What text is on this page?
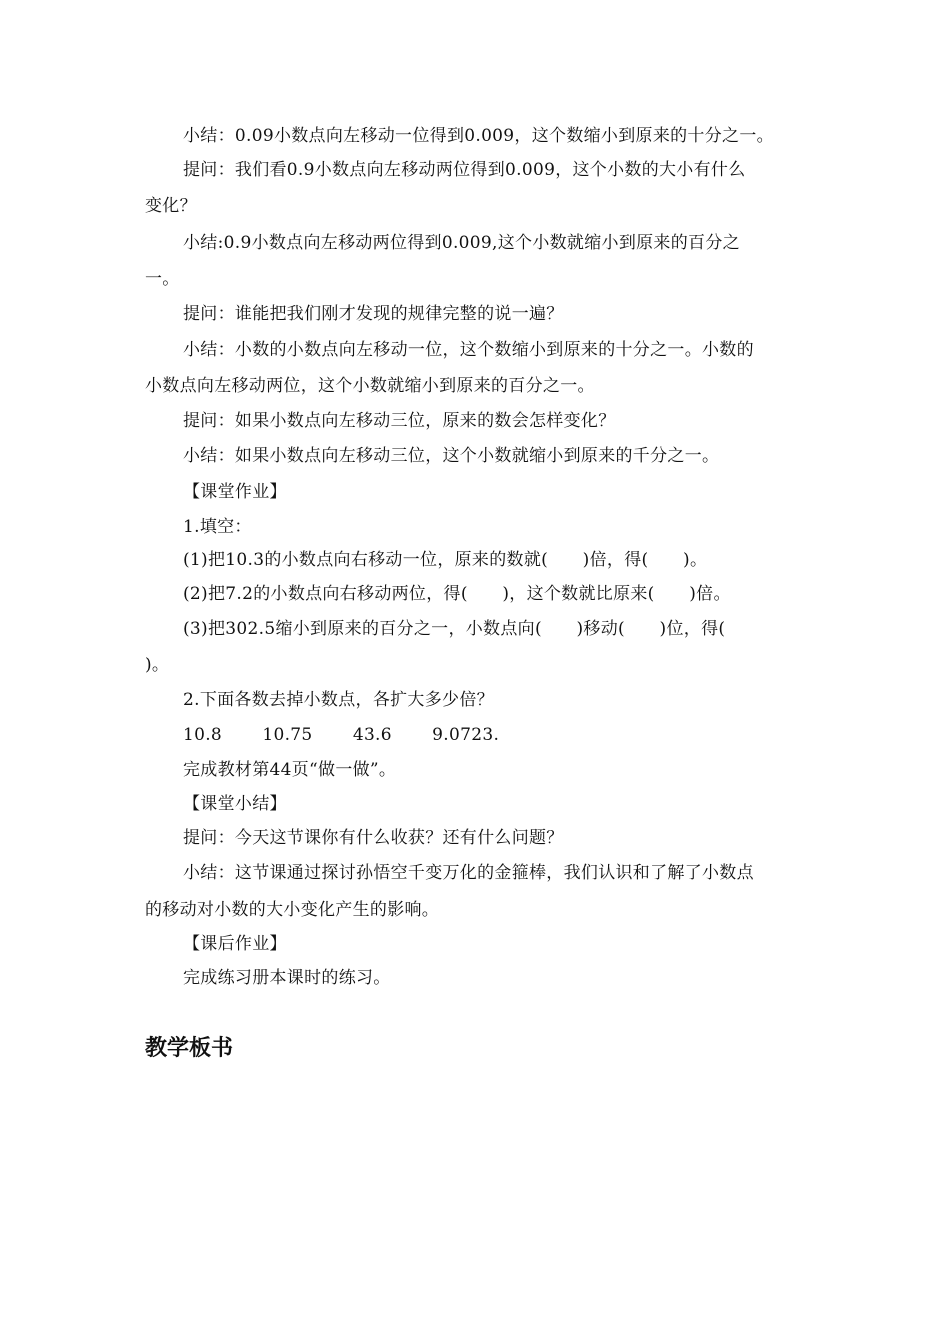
小结：0.09小数点向左移动一位得到0.009，这个数缩小到原来的十分之一。
提问：我们看0.9小数点向左移动两位得到0.009，这个小数的大小有什么
变化？
小结:0.9小数点向左移动两位得到0.009,这个小数就缩小到原来的百分之
一。
提问：谁能把我们刚才发现的规律完整的说一遍？
小结：小数的小数点向左移动一位，这个数缩小到原来的十分之一。小数的
小数点向左移动两位，这个小数就缩小到原来的百分之一。
提问：如果小数点向左移动三位，原来的数会怎样变化？
小结：如果小数点向左移动三位，这个小数就缩小到原来的千分之一。
【课堂作业】
1.填空：
(1)把10.3的小数点向右移动一位，原来的数就(　　)倍，得(　　)。
(2)把7.2的小数点向右移动两位，得(　　)，这个数就比原来(　　)倍。
(3)把302.5缩小到原来的百分之一，小数点向(　　)移动(　　)位，得(
)。
2.下面各数去掉小数点，各扩大多少倍？
10.8　　 10.75　　 43.6　　 9.0723.
完成教材第44页“做一做”。
【课堂小结】
提问：今天这节课你有什么收获？还有什么问题？
小结：这节课通过探讨孙悟空千变万化的金箍棒，我们认识和了解了小数点
的移动对小数的大小变化产生的影响。
【课后作业】
完成练习册本课时的练习。
教学板书
